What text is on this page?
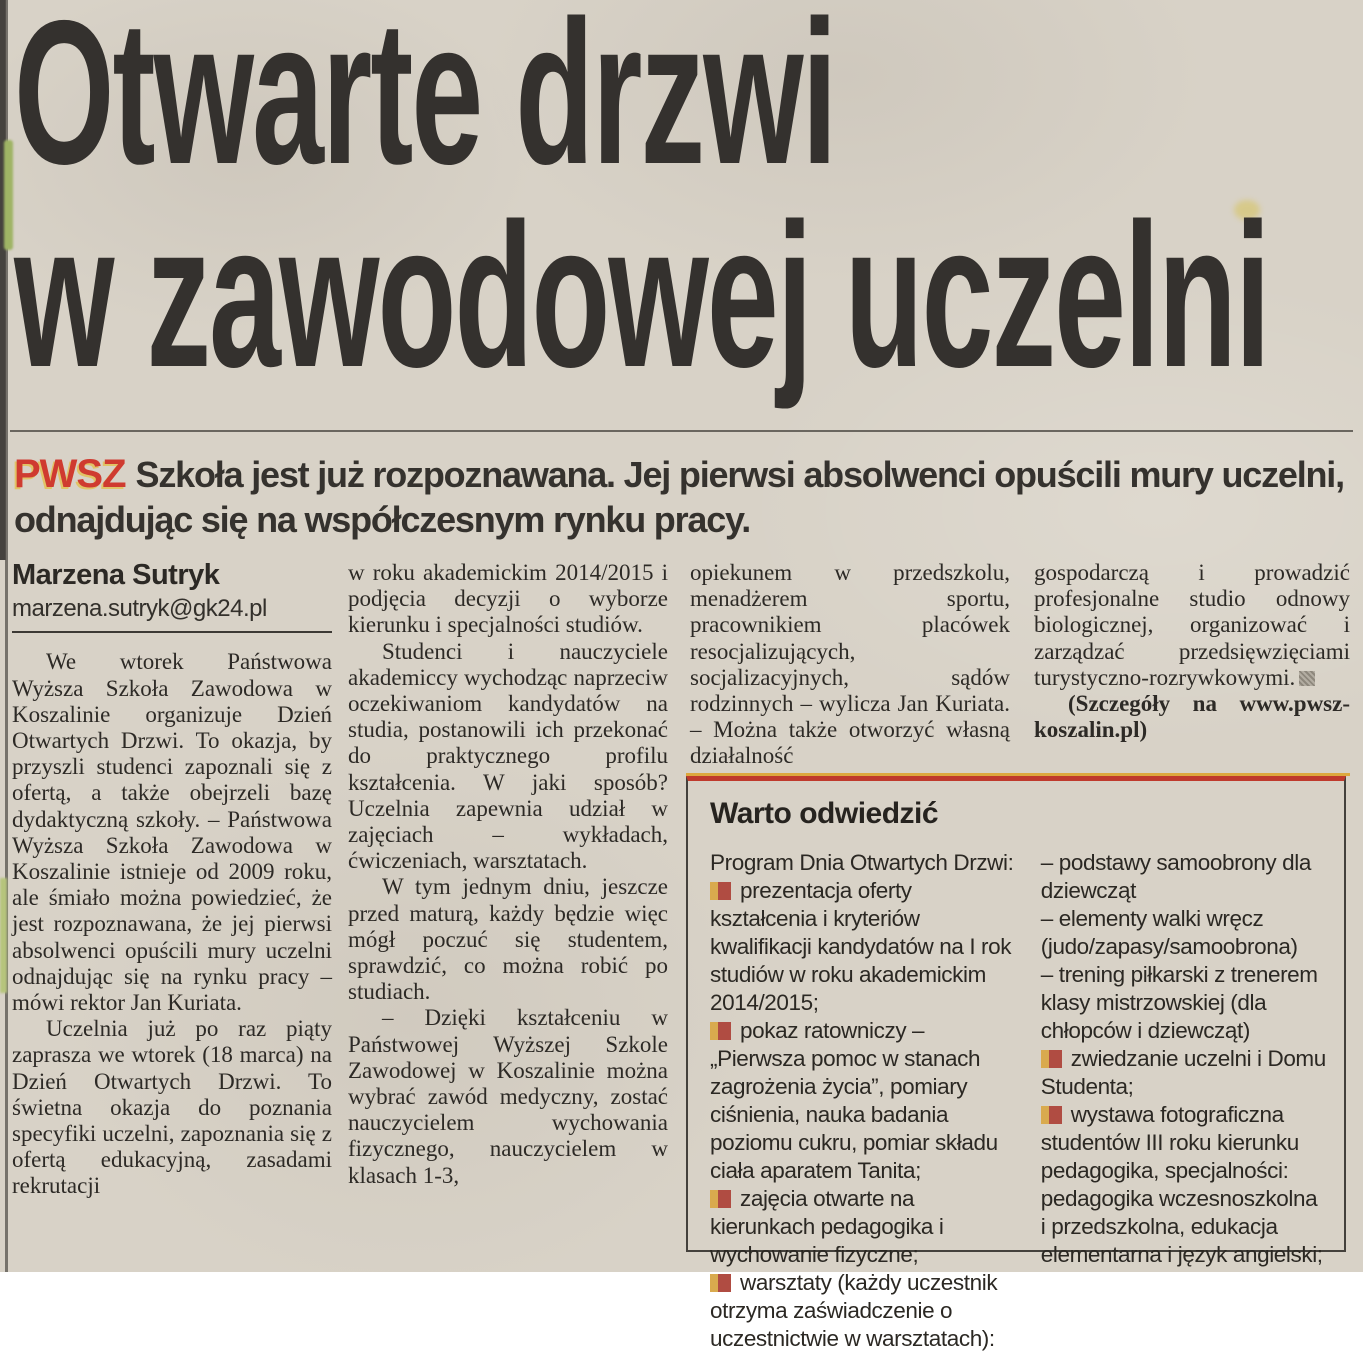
Otwarte drzwi
w zawodowej uczelni
PWSZ Szkoła jest już rozpoznawana. Jej pierwsi absolwenci opuścili mury uczelni, odnajdując się na współczesnym rynku pracy.
Marzena Sutryk
marzena.sutryk@gk24.pl

We wtorek Państwowa Wyższa Szkoła Zawodowa w Koszalinie organizuje Dzień Otwartych Drzwi. To okazja, by przyszli studenci zapoznali się z ofertą, a także obejrzeli bazę dydaktyczną szkoły. – Państwowa Wyższa Szkoła Zawodowa w Koszalinie istnieje od 2009 roku, ale śmiało można powiedzieć, że jest rozpoznawana, że jej pierwsi absolwenci opuścili mury uczelni odnajdując się na rynku pracy – mówi rektor Jan Kuriata.

Uczelnia już po raz piąty zaprasza we wtorek (18 marca) na Dzień Otwartych Drzwi. To świetna okazja do poznania specyfiki uczelni, zapoznania się z ofertą edukacyjną, zasadami rekrutacji

w roku akademickim 2014/2015 i podjęcia decyzji o wyborze kierunku i specjalności studiów.

Studenci i nauczyciele akademiccy wychodząc naprzeciw oczekiwaniom kandydatów na studia, postanowili ich przekonać do praktycznego profilu kształcenia. W jaki sposób? Uczelnia zapewnia udział w zajęciach – wykładach, ćwiczeniach, warsztatach.

W tym jednym dniu, jeszcze przed maturą, każdy będzie więc mógł poczuć się studentem, sprawdzić, co można robić po studiach.

– Dzięki kształceniu w Państwowej Wyższej Szkole Zawodowej w Koszalinie można wybrać zawód medyczny, zostać nauczycielem wychowania fizycznego, nauczycielem w klasach 1-3,

opiekunem w przedszkolu, menadżerem sportu, pracownikiem placówek resocjalizujących, socjalizacyjnych, sądów rodzinnych – wylicza Jan Kuriata. – Można także otworzyć własną działalność

gospodarczą i prowadzić profesjonalne studio odnowy biologicznej, organizować i zarządzać przedsięwzięciami turystyczno-rozrywkowymi.

(Szczegóły na www.pwsz-koszalin.pl)

Warto odwiedzić
Program Dnia Otwartych Drzwi:
prezentacja oferty kształcenia i kryteriów kwalifikacji kandydatów na I rok studiów w roku akademickim 2014/2015;
pokaz ratowniczy – „Pierwsza pomoc w stanach zagrożenia życia”, pomiary ciśnienia, nauka badania poziomu cukru, pomiar składu ciała aparatem Tanita;
zajęcia otwarte na kierunkach pedagogika i wychowanie fizyczne;
warsztaty (każdy uczestnik otrzyma zaświadczenie o uczestnictwie w warsztatach):
– podstawy samoobrony dla dziewcząt
– elementy walki wręcz (judo/zapasy/samoobrona)
– trening piłkarski z trenerem klasy mistrzowskiej (dla chłopców i dziewcząt)
zwiedzanie uczelni i Domu Studenta;
wystawa fotograficzna studentów III roku kierunku pedagogika, specjalności: pedagogika wczesnoszkolna i przedszkolna, edukacja elementarna i język angielski;
